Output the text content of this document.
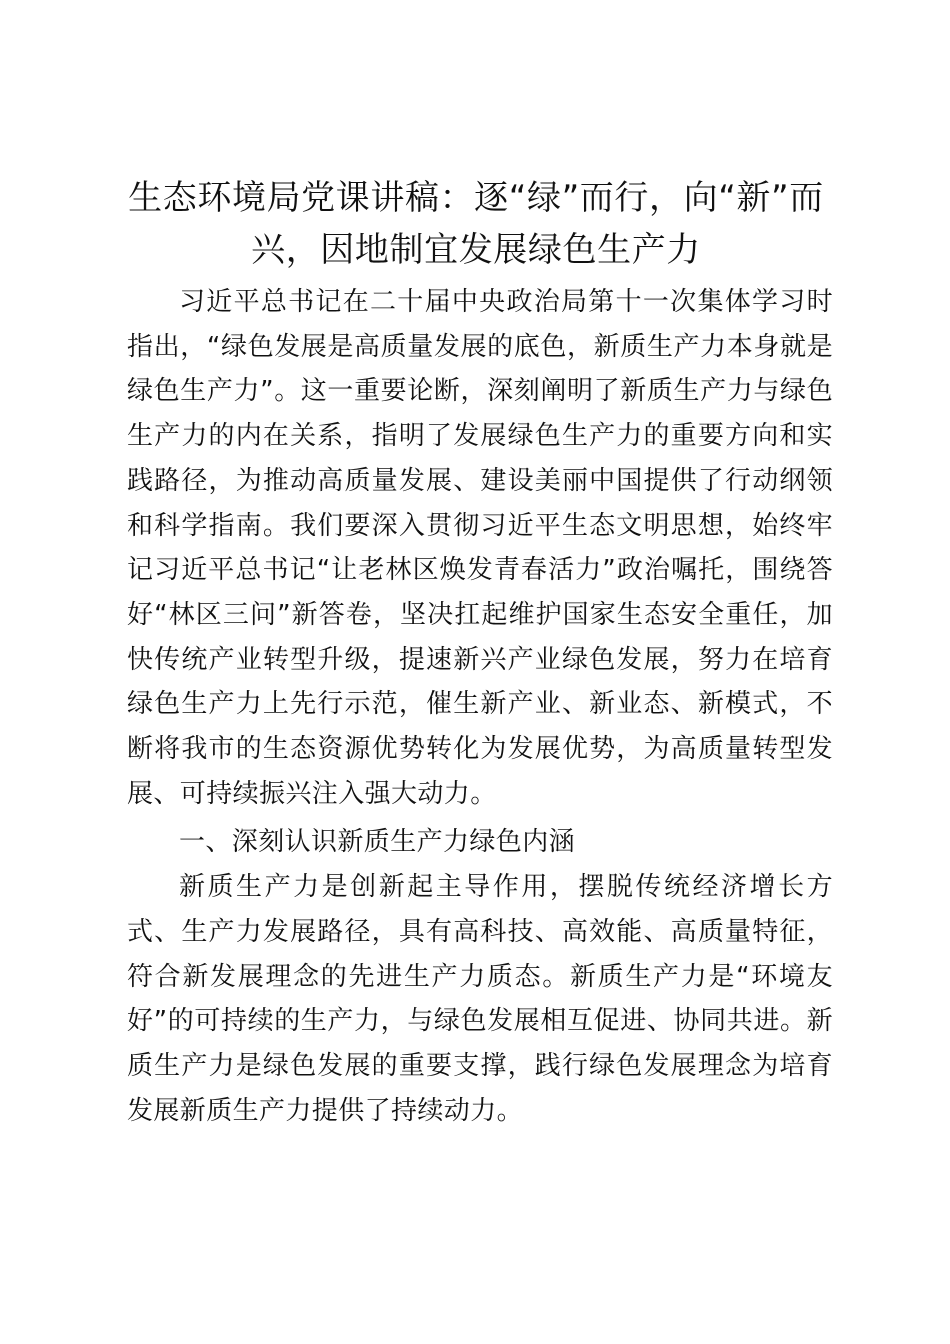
生态环境局党课讲稿：逐“绿”而行，向“新”而兴，因地制宜发展绿色生产力

习近平总书记在二十届中央政治局第十一次集体学习时指出，“绿色发展是高质量发展的底色，新质生产力本身就是绿色生产力”。这一重要论断，深刻阐明了新质生产力与绿色生产力的内在关系，指明了发展绿色生产力的重要方向和实践路径，为推动高质量发展、建设美丽中国提供了行动纲领和科学指南。我们要深入贯彻习近平生态文明思想，始终牢记习近平总书记“让老林区焕发青春活力”政治嘱托，围绕答好“林区三问”新答卷，坚决扛起维护国家生态安全重任，加快传统产业转型升级，提速新兴产业绿色发展，努力在培育绿色生产力上先行示范，催生新产业、新业态、新模式，不断将我市的生态资源优势转化为发展优势，为高质量转型发展、可持续振兴注入强大动力。

一、深刻认识新质生产力绿色内涵

新质生产力是创新起主导作用，摆脱传统经济增长方式、生产力发展路径，具有高科技、高效能、高质量特征，符合新发展理念的先进生产力质态。新质生产力是“环境友好”的可持续的生产力，与绿色发展相互促进、协同共进。新质生产力是绿色发展的重要支撑，践行绿色发展理念为培育发展新质生产力提供了持续动力。
